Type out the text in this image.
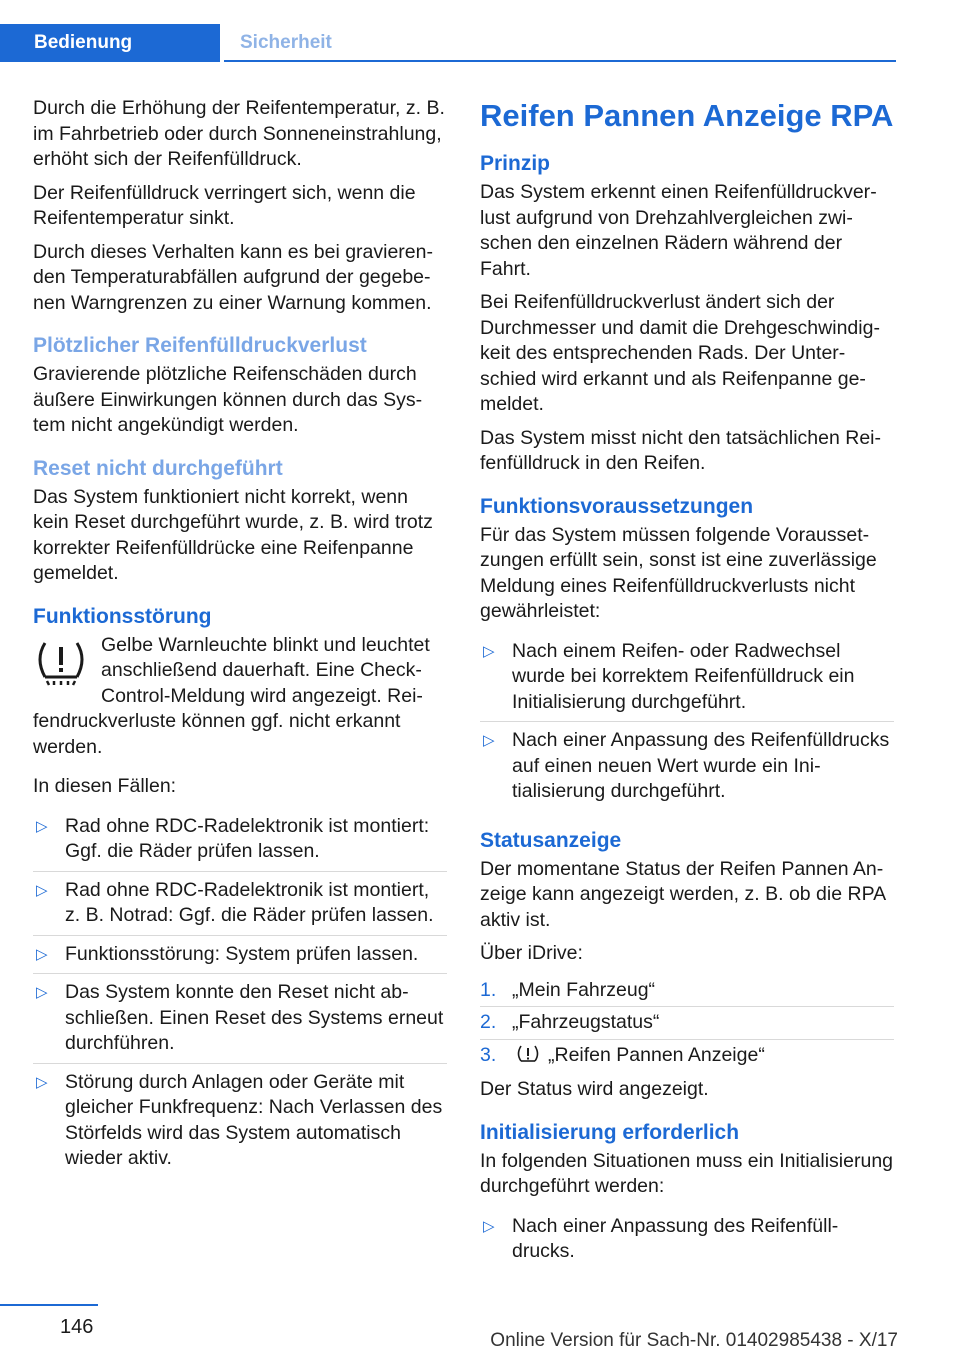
Bedienung	Sicherheit

Durch die Erhöhung der Reifentemperatur, z. B. im Fahrbetrieb oder durch Sonneneinstrahlung, erhöht sich der Reifenfülldruck.

Der Reifenfülldruck verringert sich, wenn die Reifentemperatur sinkt.

Durch dieses Verhalten kann es bei gravierenden Temperaturabfällen aufgrund der gegebenen Warngrenzen zu einer Warnung kommen.

Plötzlicher Reifenfülldruckverlust

Gravierende plötzliche Reifenschäden durch äußere Einwirkungen können durch das System nicht angekündigt werden.

Reset nicht durchgeführt

Das System funktioniert nicht korrekt, wenn kein Reset durchgeführt wurde, z. B. wird trotz korrekter Reifenfülldrücke eine Reifenpanne gemeldet.

Funktionsstörung

Gelbe Warnleuchte blinkt und leuchtet anschließend dauerhaft. Eine Check-Control-Meldung wird angezeigt. Reifendruckverluste können ggf. nicht erkannt werden.

In diesen Fällen:

▷ Rad ohne RDC-Radelektronik ist montiert: Ggf. die Räder prüfen lassen.
▷ Rad ohne RDC-Radelektronik ist montiert, z. B. Notrad: Ggf. die Räder prüfen lassen.
▷ Funktionsstörung: System prüfen lassen.
▷ Das System konnte den Reset nicht abschließen. Einen Reset des Systems erneut durchführen.
▷ Störung durch Anlagen oder Geräte mit gleicher Funkfrequenz: Nach Verlassen des Störfelds wird das System automatisch wieder aktiv.
Reifen Pannen Anzeige RPA
Prinzip

Das System erkennt einen Reifenfülldruckverlust aufgrund von Drehzahlvergleichen zwischen den einzelnen Rädern während der Fahrt.

Bei Reifenfülldruckverlust ändert sich der Durchmesser und damit die Drehgeschwindigkeit des entsprechenden Rads. Der Unterschied wird erkannt und als Reifenpanne gemeldet.

Das System misst nicht den tatsächlichen Reifenfülldruck in den Reifen.

Funktionsvoraussetzungen

Für das System müssen folgende Voraussetzungen erfüllt sein, sonst ist eine zuverlässige Meldung eines Reifenfülldruckverlusts nicht gewährleistet:

▷ Nach einem Reifen- oder Radwechsel wurde bei korrektem Reifenfülldruck ein Initialisierung durchgeführt.
▷ Nach einer Anpassung des Reifenfülldrucks auf einen neuen Wert wurde ein Initialisierung durchgeführt.
Statusanzeige

Der momentane Status der Reifen Pannen Anzeige kann angezeigt werden, z. B. ob die RPA aktiv ist.

Über iDrive:

1. „Mein Fahrzeug“
2. „Fahrzeugstatus“
3.	„Reifen Pannen Anzeige“

Der Status wird angezeigt.

Initialisierung erforderlich

In folgenden Situationen muss ein Initialisierung durchgeführt werden:

▷ Nach einer Anpassung des Reifenfülldrucks.
146
Online Version für Sach-Nr. 01402985438 - X/17
